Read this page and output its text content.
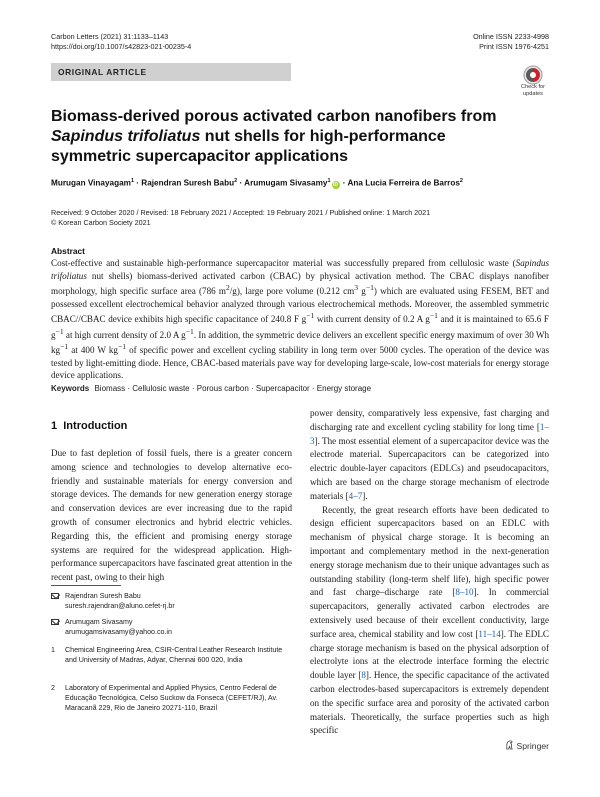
Carbon Letters (2021) 31:1133–1143
https://doi.org/10.1007/s42823-021-00235-4
Online ISSN 2233-4998
Print ISSN 1976-4251
ORIGINAL ARTICLE
Check for
updates
Biomass-derived porous activated carbon nanofibers from Sapindus trifoliatus nut shells for high-performance symmetric supercapacitor applications
Murugan Vinayagam$^1$ · Rajendran Suresh Babu$^2$ · Arumugam Sivasamy$^1$iD · Ana Lucia Ferreira de Barros$^2$
Received: 9 October 2020 / Revised: 18 February 2021 / Accepted: 19 February 2021 / Published online: 1 March 2021
© Korean Carbon Society 2021
Abstract

Cost-effective and sustainable high-performance supercapacitor material was successfully prepared from cellulosic waste (Sapindus trifoliatus nut shells) biomass-derived activated carbon (CBAC) by physical activation method. The CBAC displays nanofiber morphology, high specific surface area (786 $m^2/g$), large pore volume (0.212 $cm^3$ $g^{-1}$) which are evaluated using FESEM, BET and possessed excellent electrochemical behavior analyzed through various electrochemical methods. Moreover, the assembled symmetric CBAC//CBAC device exhibits high specific capacitance of 240.8 F $g^{-1}$ with current density of 0.2 A $g^{-1}$ and it is maintained to 65.6 F $g^{-1}$ at high current density of 2.0 A $g^{-1}$. In addition, the symmetric device delivers an excellent specific energy maximum of over 30 Wh $kg^{-1}$ at 400 W $kg^{-1}$ of specific power and excellent cycling stability in long term over 5000 cycles. The operation of the device was tested by light-emitting diode. Hence, CBAC-based materials pave way for developing large-scale, low-cost materials for energy storage device applications.

Keywords Biomass · Cellulosic waste · Porous carbon · Supercapacitor · Energy storage
1 Introduction

Due to fast depletion of fossil fuels, there is a greater concern among science and technologies to develop alternative eco-friendly and sustainable materials for energy conversion and storage devices. The demands for new generation energy storage and conservation devices are ever increasing due to the rapid growth of consumer electronics and hybrid electric vehicles. Regarding this, the efficient and promising energy storage systems are required for the widespread application. High-performance supercapacitors have fascinated great attention in the recent past, owing to their high

power density, comparatively less expensive, fast charging and discharging rate and excellent cycling stability for long time [1–3]. The most essential element of a supercapacitor device was the electrode material. Supercapacitors can be categorized into electric double-layer capacitors (EDLCs) and pseudocapacitors, which are based on the charge storage mechanism of electrode materials [4–7].

Recently, the great research efforts have been dedicated to design efficient supercapacitors based on an EDLC with mechanism of physical charge storage. It is becoming an important and complementary method in the next-generation energy storage mechanism due to their unique advantages such as outstanding stability (long-term shelf life), high specific power and fast charge–discharge rate [8–10]. In commercial supercapacitors, generally activated carbon electrodes are extensively used because of their excellent conductivity, large surface area, chemical stability and low cost [11–14]. The EDLC charge storage mechanism is based on the physical adsorption of electrolyte ions at the electrode interface forming the electric double layer [8]. Hence, the specific capacitance of the activated carbon electrodes-based supercapacitors is extremely dependent on the specific surface area and porosity of the activated carbon materials. Theoretically, the surface properties such as high specific

Rajendran Suresh Babu
suresh.rajendran@aluno.cefet-rj.br
Arumugam Sivasamy
arumugamsivasamy@yahoo.co.in
1	Chemical Engineering Area, CSIR-Central Leather Research Institute and University of Madras, Adyar, Chennai 600 020, India
2	Laboratory of Experimental and Applied Physics, Centro Federal de Educação Tecnológica, Celso Suckow da Fonseca (CEFET/RJ), Av. Maracanã 229, Rio de Janeiro 20271-110, Brazil
Springer
